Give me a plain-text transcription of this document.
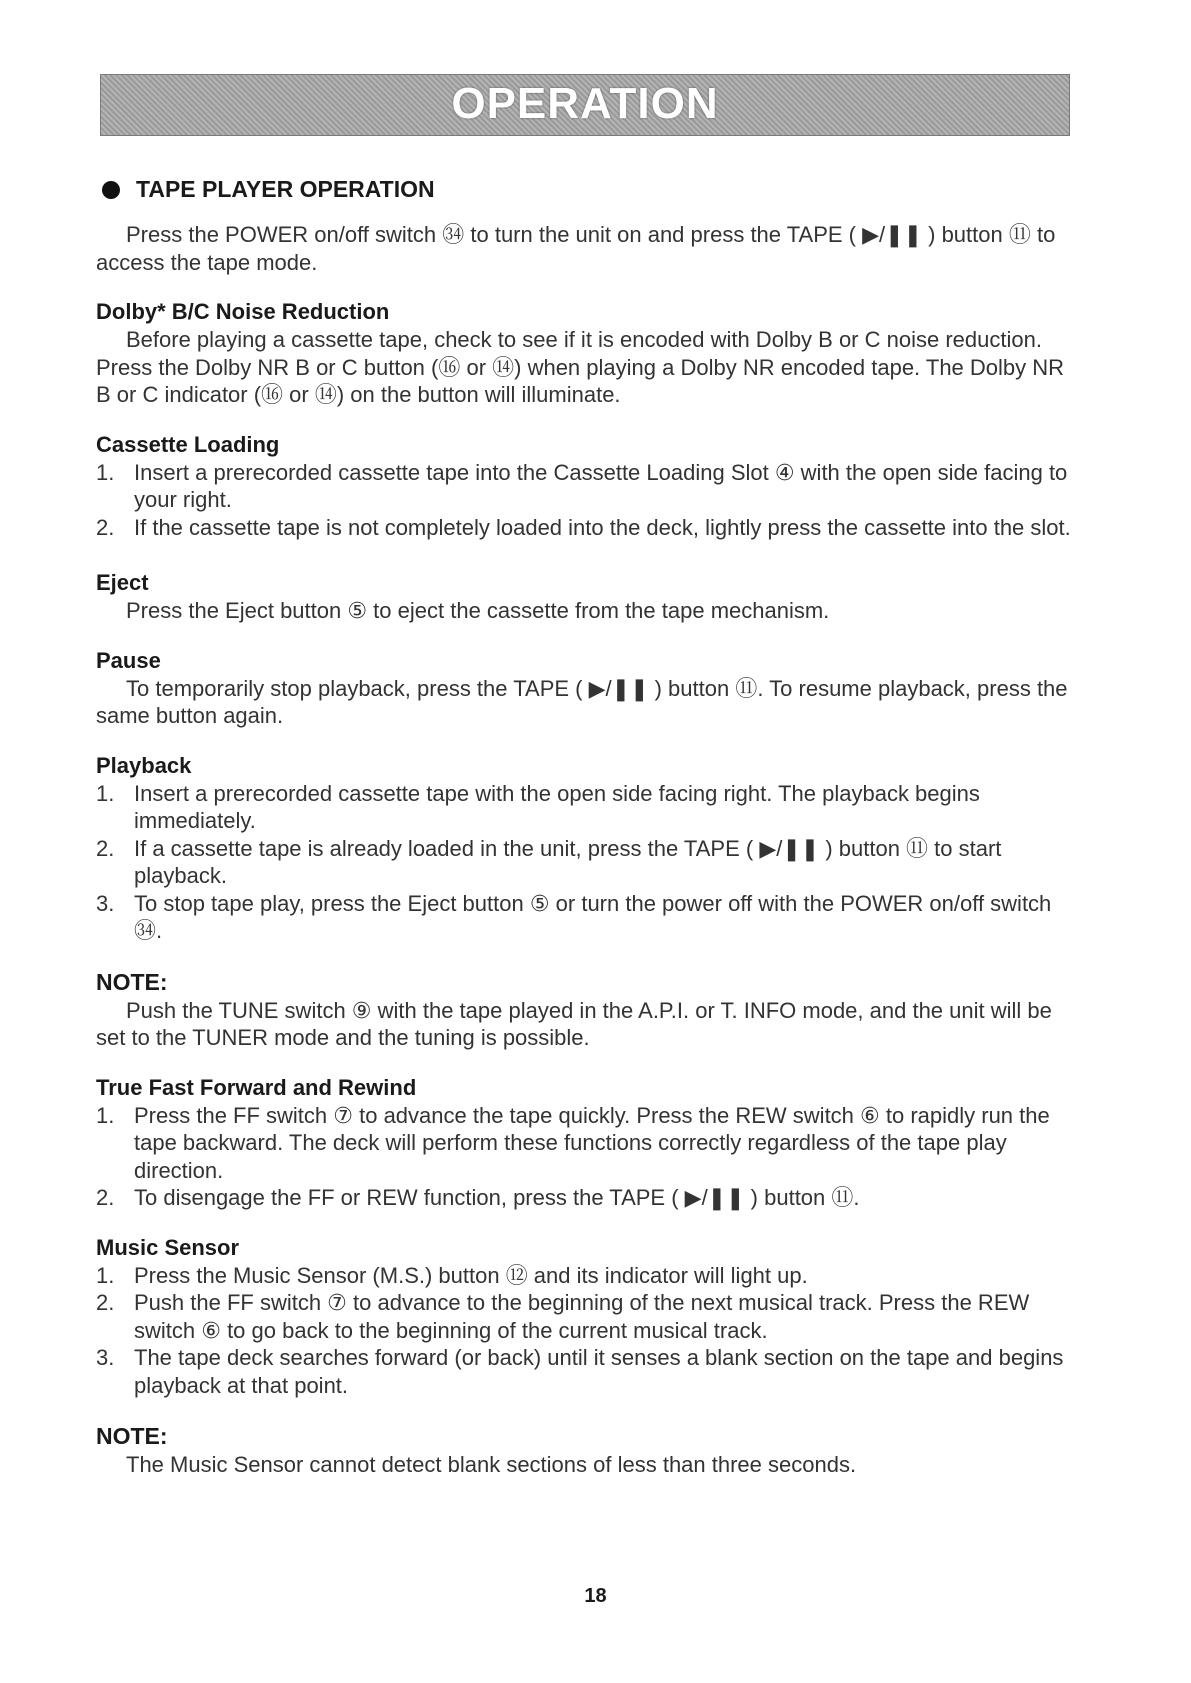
OPERATION
TAPE PLAYER OPERATION

Press the POWER on/off switch ㉞ to turn the unit on and press the TAPE ( ▶/❚❚ ) button ⑪ to access the tape mode.

Dolby* B/C Noise Reduction

Before playing a cassette tape, check to see if it is encoded with Dolby B or C noise reduction. Press the Dolby NR B or C button (⑯ or ⑭) when playing a Dolby NR encoded tape. The Dolby NR B or C indicator (⑯ or ⑭) on the button will illuminate.

Cassette Loading
1. Insert a prerecorded cassette tape into the Cassette Loading Slot ④ with the open side facing to your right.
2. If the cassette tape is not completely loaded into the deck, lightly press the cassette into the slot.
Eject

Press the Eject button ⑤ to eject the cassette from the tape mechanism.

Pause

To temporarily stop playback, press the TAPE ( ▶/❚❚ ) button ⑪. To resume playback, press the same button again.

Playback
1. Insert a prerecorded cassette tape with the open side facing right. The playback begins immediately.
2. If a cassette tape is already loaded in the unit, press the TAPE ( ▶/❚❚ ) button ⑪ to start playback.
3. To stop tape play, press the Eject button ⑤ or turn the power off with the POWER on/off switch ㉞.
NOTE:

Push the TUNE switch ⑨ with the tape played in the A.P.I. or T. INFO mode, and the unit will be set to the TUNER mode and the tuning is possible.

True Fast Forward and Rewind
1. Press the FF switch ⑦ to advance the tape quickly. Press the REW switch ⑥ to rapidly run the tape backward. The deck will perform these functions correctly regardless of the tape play direction.
2. To disengage the FF or REW function, press the TAPE ( ▶/❚❚ ) button ⑪.
Music Sensor
1. Press the Music Sensor (M.S.) button ⑫ and its indicator will light up.
2. Push the FF switch ⑦ to advance to the beginning of the next musical track. Press the REW switch ⑥ to go back to the beginning of the current musical track.
3. The tape deck searches forward (or back) until it senses a blank section on the tape and begins playback at that point.
NOTE:

The Music Sensor cannot detect blank sections of less than three seconds.

18
